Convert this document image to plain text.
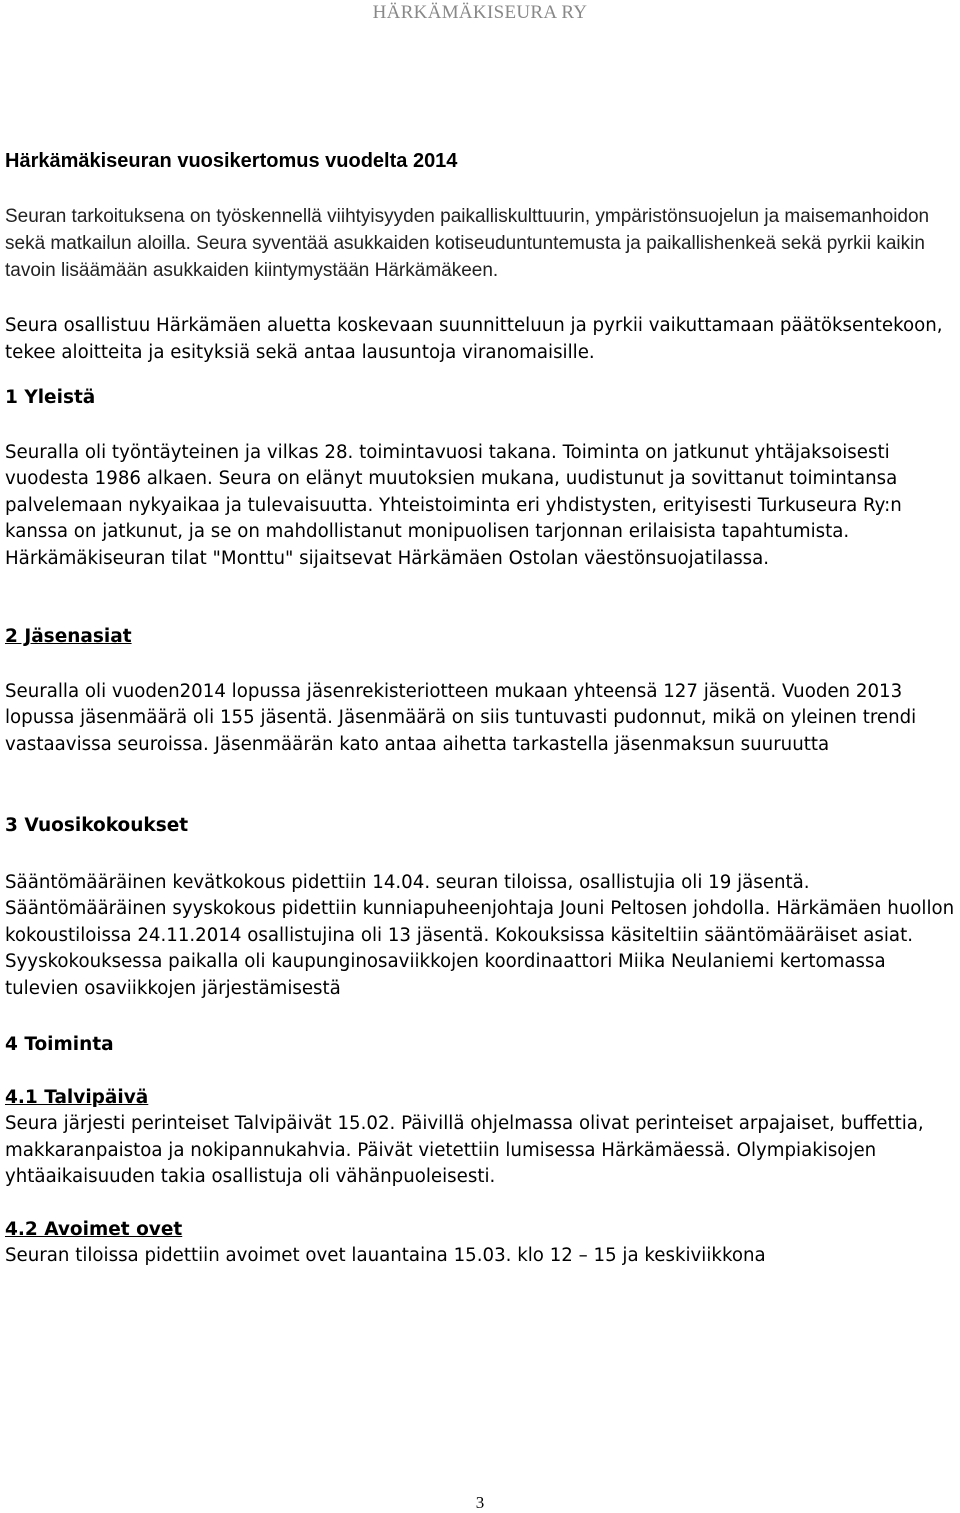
HÄRKÄMÄKISEURA RY
Härkämäkiseuran vuosikertomus vuodelta 2014

Seuran tarkoituksena on työskennellä viihtyisyyden paikalliskulttuurin, ympäristönsuojelun ja maisemanhoidon sekä matkailun aloilla. Seura syventää asukkaiden kotiseuduntuntemusta ja paikallishenkeä sekä pyrkii kaikin tavoin lisäämään asukkaiden kiintymystään Härkämäkeen.

Seura osallistuu Härkämäen aluetta koskevaan suunnitteluun ja pyrkii vaikuttamaan päätöksentekoon, tekee aloitteita ja esityksiä sekä antaa lausuntoja viranomaisille.

1 Yleistä

Seuralla oli työntäyteinen ja vilkas 28. toimintavuosi takana. Toiminta on jatkunut yhtäjaksoisesti vuodesta 1986 alkaen. Seura on elänyt muutoksien mukana, uudistunut ja sovittanut toimintansa palvelemaan nykyaikaa ja tulevaisuutta. Yhteistoiminta eri yhdistysten, erityisesti Turkuseura Ry:n kanssa on jatkunut, ja se on mahdollistanut monipuolisen tarjonnan erilaisista tapahtumista.

Härkämäkiseuran tilat "Monttu" sijaitsevat Härkämäen Ostolan väestönsuojatilassa.

2 Jäsenasiat

Seuralla oli vuoden2014 lopussa jäsenrekisteriotteen mukaan yhteensä 127 jäsentä. Vuoden 2013 lopussa jäsenmäärä oli 155 jäsentä. Jäsenmäärä on siis tuntuvasti pudonnut, mikä on yleinen trendi vastaavissa seuroissa. Jäsenmäärän kato antaa aihetta tarkastella jäsenmaksun suuruutta

3 Vuosikokoukset

Sääntömääräinen kevätkokous pidettiin 14.04. seuran tiloissa, osallistujia oli 19 jäsentä.

Sääntömääräinen syyskokous pidettiin kunniapuheenjohtaja Jouni Peltosen johdolla. Härkämäen huollon kokoustiloissa 24.11.2014 osallistujina oli 13 jäsentä. Kokouksissa käsiteltiin sääntömääräiset asiat. Syyskokouksessa paikalla oli kaupunginosaviikkojen koordinaattori Miika Neulaniemi kertomassa tulevien osaviikkojen järjestämisestä

4 Toiminta
4.1 Talvipäivä

Seura järjesti perinteiset Talvipäivät 15.02. Päivillä ohjelmassa olivat perinteiset arpajaiset, buffettia, makkaranpaistoa ja nokipannukahvia. Päivät vietettiin lumisessa Härkämäessä. Olympiakisojen yhtäaikaisuuden takia osallistuja oli vähänpuoleisesti.

4.2 Avoimet ovet

Seuran tiloissa pidettiin avoimet ovet lauantaina 15.03. klo 12 – 15 ja keskiviikkona

3
